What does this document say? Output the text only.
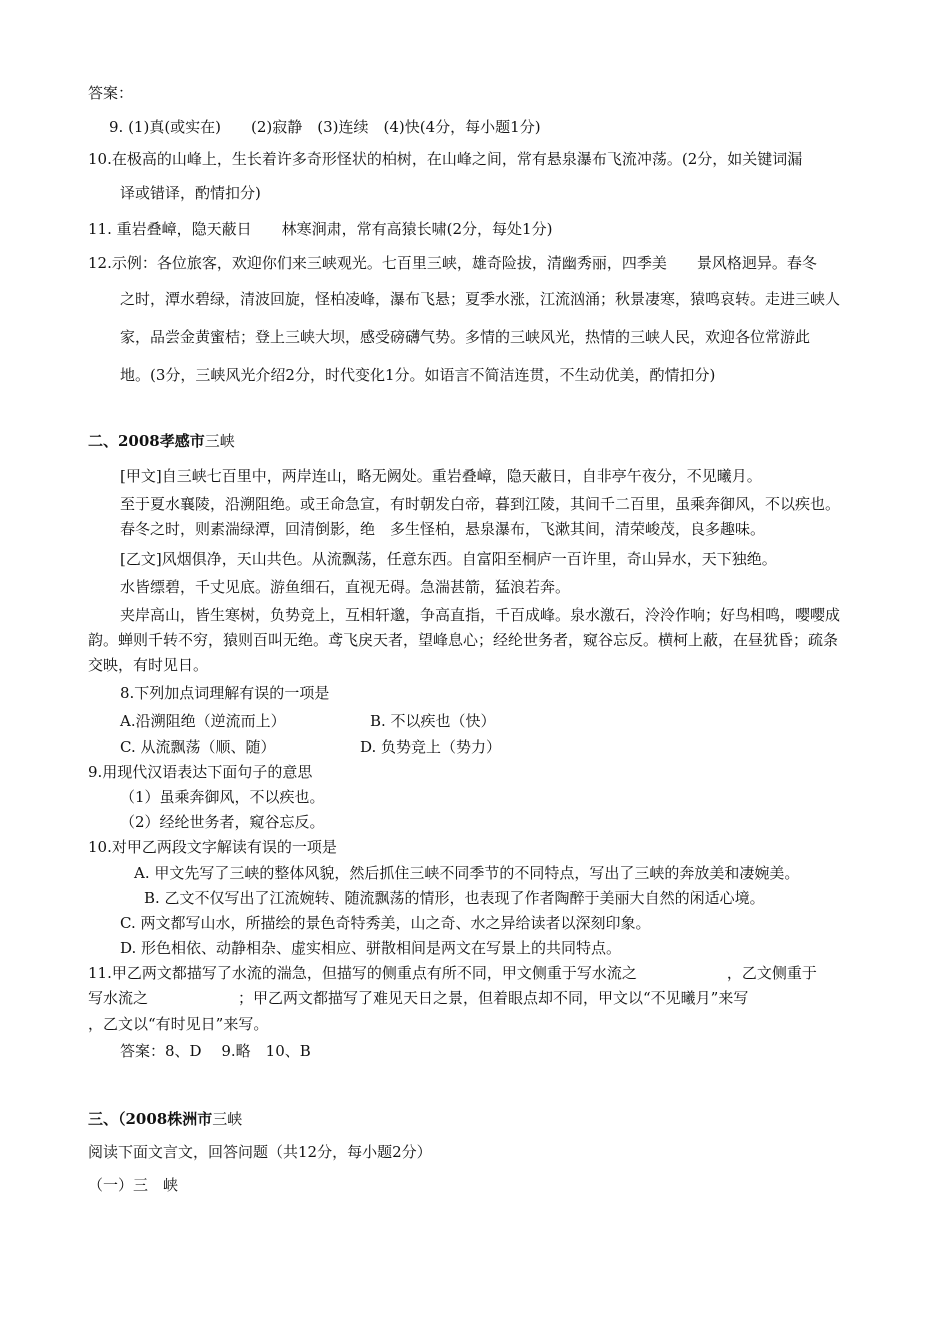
答案：
9. (1)真(或实在)　　(2)寂静　(3)连续　(4)快(4分，每小题1分)
10.在极高的山峰上，生长着许多奇形怪状的柏树，在山峰之间，常有悬泉瀑布飞流冲荡。(2分，如关键词漏
译或错译，酌情扣分)
11. 重岩叠嶂，隐天蔽日　　林寒涧肃，常有高猿长啸(2分，每处1分)
12.示例：各位旅客，欢迎你们来三峡观光。七百里三峡，雄奇险拔，清幽秀丽，四季美　　景风格迥异。春冬
之时，潭水碧绿，清波回旋，怪柏凌峰，瀑布飞悬；夏季水涨，江流汹涌；秋景凄寒，猿鸣哀转。走进三峡人
家，品尝金黄蜜桔；登上三峡大坝，感受磅礴气势。多情的三峡风光，热情的三峡人民，欢迎各位常游此
地。(3分，三峡风光介绍2分，时代变化1分。如语言不简洁连贯，不生动优美，酌情扣分)
二、2008孝感市三峡
[甲文]自三峡七百里中，两岸连山，略无阙处。重岩叠嶂，隐天蔽日，自非亭午夜分，不见曦月。
至于夏水襄陵，沿溯阻绝。或王命急宣，有时朝发白帝，暮到江陵，其间千二百里，虽乘奔御风，不以疾也。
春冬之时，则素湍绿潭，回清倒影，绝　多生怪柏，悬泉瀑布，飞漱其间，清荣峻茂，良多趣味。
[乙文]风烟俱净，天山共色。从流飘荡，任意东西。自富阳至桐庐一百许里，奇山异水，天下独绝。
水皆缥碧，千丈见底。游鱼细石，直视无碍。急湍甚箭，猛浪若奔。
夹岸高山，皆生寒树，负势竞上，互相轩邈，争高直指，千百成峰。泉水激石，泠泠作响；好鸟相鸣，嘤嘤成
韵。蝉则千转不穷，猿则百叫无绝。鸢飞戾天者，望峰息心；经纶世务者，窥谷忘反。横柯上蔽，在昼犹昏；疏条
交映，有时见日。
8.下列加点词理解有误的一项是
A.沿溯阻绝（逆流而上）	B. 不以疾也（快）
C. 从流飘荡（顺、随）	D. 负势竞上（势力）
9.用现代汉语表达下面句子的意思
（1）虽乘奔御风，不以疾也。
（2）经纶世务者，窥谷忘反。
10.对甲乙两段文字解读有误的一项是
A. 甲文先写了三峡的整体风貌，然后抓住三峡不同季节的不同特点，写出了三峡的奔放美和凄婉美。
B. 乙文不仅写出了江流婉转、随流飘荡的情形，也表现了作者陶醉于美丽大自然的闲适心境。
C. 两文都写山水，所描绘的景色奇特秀美，山之奇、水之异给读者以深刻印象。
D. 形色相依、动静相杂、虚实相应、骈散相间是两文在写景上的共同特点。
11.甲乙两文都描写了水流的湍急，但描写的侧重点有所不同，甲文侧重于写水流之　　　　　　，乙文侧重于
写水流之　　　　　　；甲乙两文都描写了难见天日之景，但着眼点却不同，甲文以“不见曦月”来写
，乙文以“有时见日”来写。
答案：8、D　 9.略　10、B
三、（2008株洲市三峡
阅读下面文言文，回答问题（共12分，每小题2分）
（一）三　峡
